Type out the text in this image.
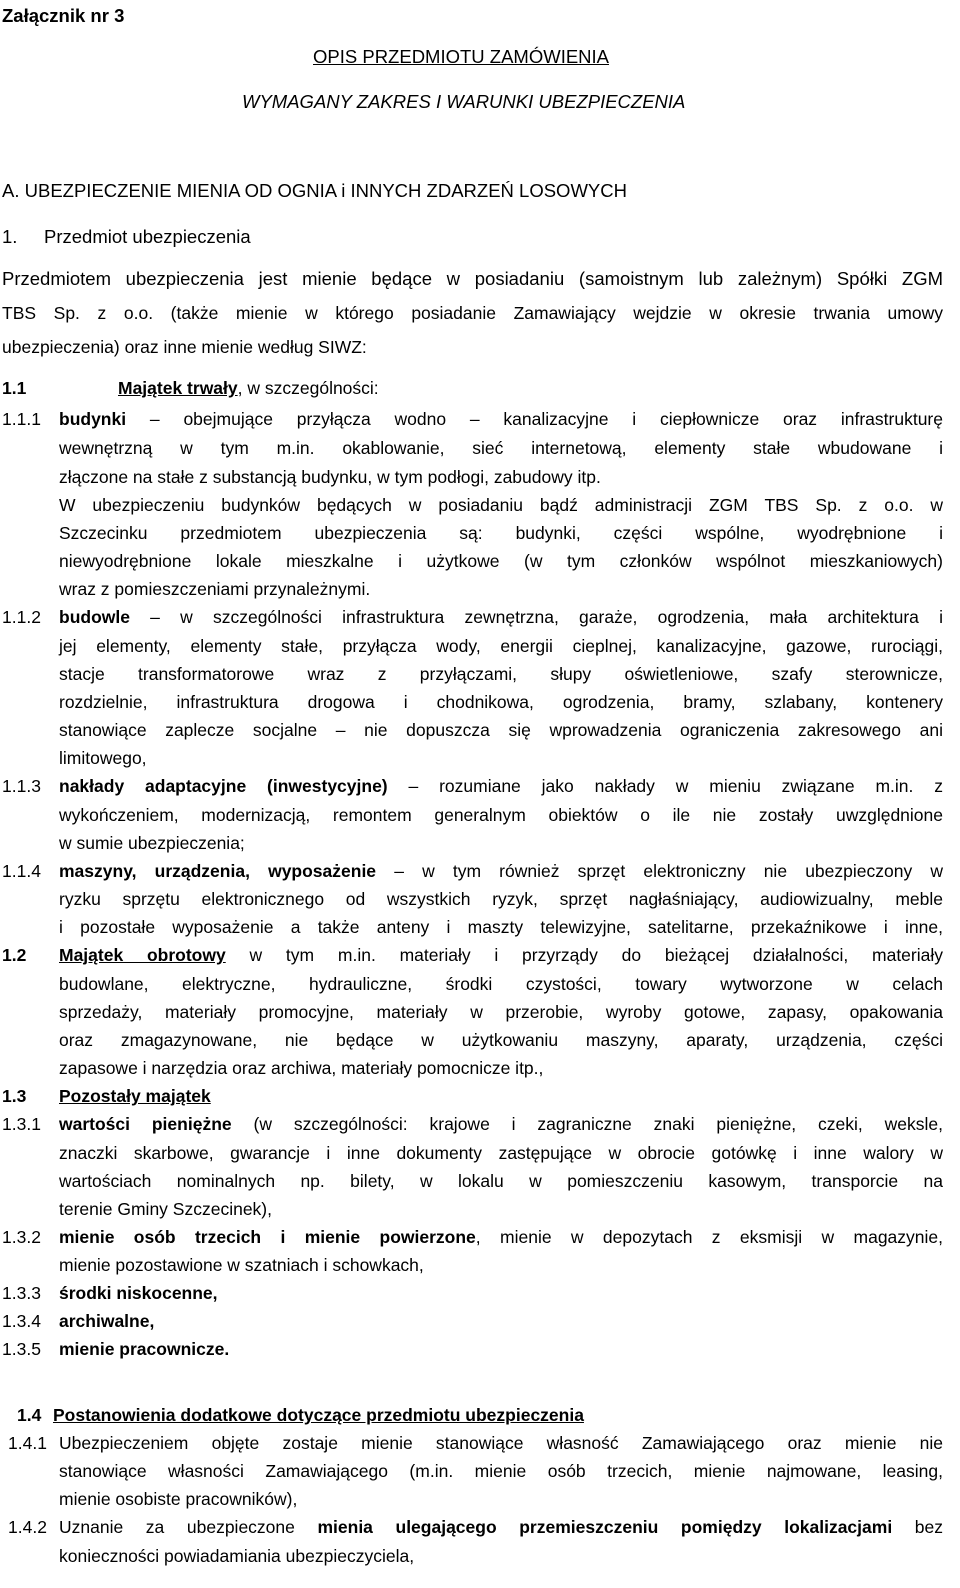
Załącznik nr 3
OPIS PRZEDMIOTU ZAMÓWIENIA
WYMAGANY ZAKRES I WARUNKI UBEZPIECZENIA
A. UBEZPIECZENIE MIENIA OD OGNIA i INNYCH ZDARZEŃ LOSOWYCH
1. Przedmiot ubezpieczenia
Przedmiotem ubezpieczenia jest mienie będące w posiadaniu (samoistnym lub zależnym) Spółki ZGM
TBS Sp. z o.o. (także mienie w którego posiadanie Zamawiający wejdzie w okresie trwania umowy
ubezpieczenia) oraz inne mienie według SIWZ:
1.1	Majątek trwały, w szczególności:
1.1.1 budynki – obejmujące przyłącza wodno – kanalizacyjne i ciepłownicze oraz infrastrukturę
wewnętrzną w tym m.in. okablowanie, sieć internetową, elementy stałe wbudowane i
złączone na stałe z substancją budynku, w tym podłogi, zabudowy itp.
W ubezpieczeniu budynków będących w posiadaniu bądź administracji ZGM TBS Sp. z o.o. w
Szczecinku przedmiotem ubezpieczenia są: budynki, części wspólne, wyodrębnione i
niewyodrębnione lokale mieszkalne i użytkowe (w tym członków wspólnot mieszkaniowych)
wraz z pomieszczeniami przynależnymi.
1.1.2 budowle – w szczególności infrastruktura zewnętrzna, garaże, ogrodzenia, mała architektura i
jej elementy, elementy stałe, przyłącza wody, energii cieplnej, kanalizacyjne, gazowe, rurociągi,
stacje transformatorowe wraz z przyłączami, słupy oświetleniowe, szafy sterownicze,
rozdzielnie, infrastruktura drogowa i chodnikowa, ogrodzenia, bramy, szlabany, kontenery
stanowiące zaplecze socjalne – nie dopuszcza się wprowadzenia ograniczenia zakresowego ani
limitowego,
1.1.3 nakłady adaptacyjne (inwestycyjne) – rozumiane jako nakłady w mieniu związane m.in. z
wykończeniem, modernizacją, remontem generalnym obiektów o ile nie zostały uwzględnione
w sumie ubezpieczenia;
1.1.4 maszyny, urządzenia, wyposażenie – w tym również sprzęt elektroniczny nie ubezpieczony w
ryzku sprzętu elektronicznego od wszystkich ryzyk, sprzęt nagłaśniający, audiowizualny, meble
i pozostałe wyposażenie a także anteny i maszty telewizyjne, satelitarne, przekaźnikowe i inne,
1.2 Majątek obrotowy w tym m.in. materiały i przyrządy do bieżącej działalności, materiały
budowlane, elektryczne, hydrauliczne, środki czystości, towary wytworzone w celach
sprzedaży, materiały promocyjne, materiały w przerobie, wyroby gotowe, zapasy, opakowania
oraz zmagazynowane, nie będące w użytkowaniu maszyny, aparaty, urządzenia, części
zapasowe i narzędzia oraz archiwa, materiały pomocnicze itp.,
1.3 Pozostały majątek
1.3.1 wartości pieniężne (w szczególności: krajowe i zagraniczne znaki pieniężne, czeki, weksle,
znaczki skarbowe, gwarancje i inne dokumenty zastępujące w obrocie gotówkę i inne walory w
wartościach nominalnych np. bilety, w lokalu w pomieszczeniu kasowym, transporcie na
terenie Gminy Szczecinek),
1.3.2 mienie osób trzecich i mienie powierzone, mienie w depozytach z eksmisji w magazynie,
mienie pozostawione w szatniach i schowkach,
1.3.3 środki niskocenne,
1.3.4 archiwalne,
1.3.5 mienie pracownicze.
1.4 Postanowienia dodatkowe dotyczące przedmiotu ubezpieczenia
1.4.1 Ubezpieczeniem objęte zostaje mienie stanowiące własność Zamawiającego oraz mienie nie
stanowiące własności Zamawiającego (m.in. mienie osób trzecich, mienie najmowane, leasing,
mienie osobiste pracowników),
1.4.2 Uznanie za ubezpieczone mienia ulegającego przemieszczeniu pomiędzy lokalizacjami bez
konieczności powiadamiania ubezpieczyciela,
